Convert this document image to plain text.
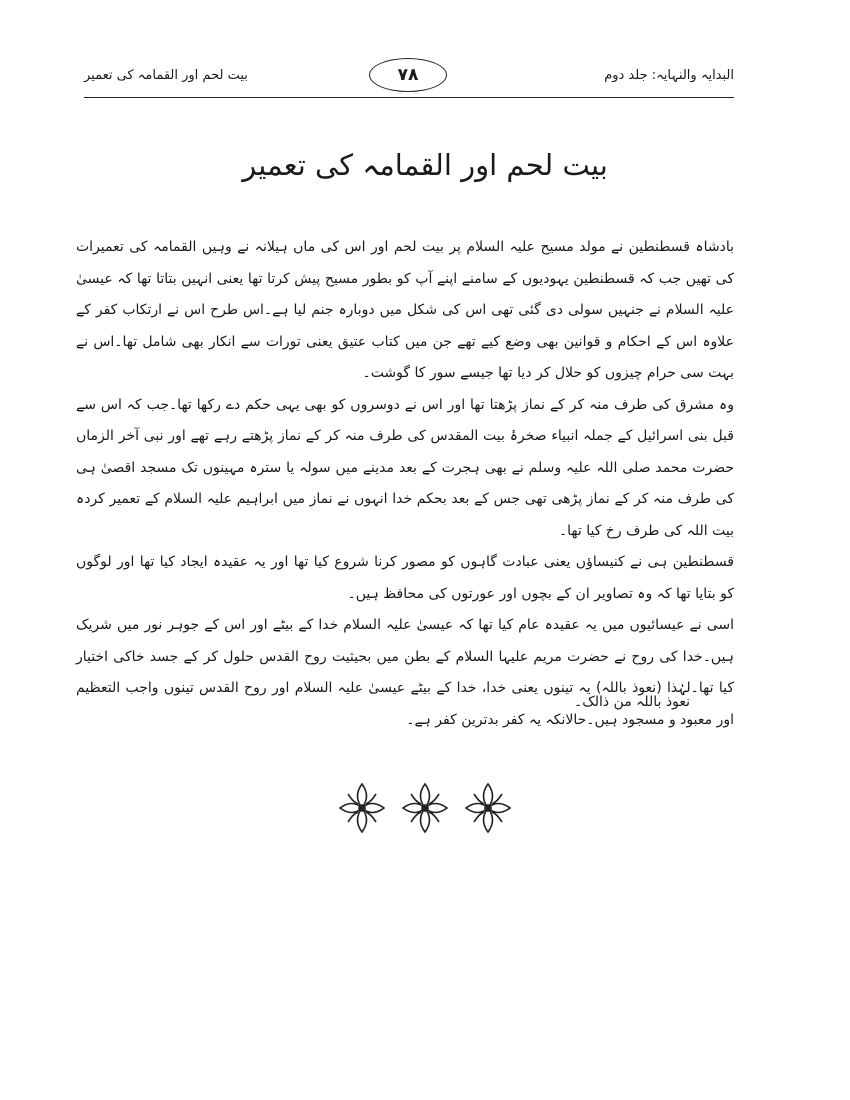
بیت لحم اور القمامہ کی تعمیر	٧٨	البدایہ والنہایہ: جلد دوم
بیت لحم اور القمامہ کی تعمیر

بادشاہ قسطنطین نے مولد مسیح علیہ السلام پر بیت لحم اور اس کی ماں ہیلانہ نے وہیں القمامہ کی تعمیرات کی تھیں جب کہ قسطنطین یہودیوں کے سامنے اپنے آپ کو بطور مسیح پیش کرتا تھا یعنی انہیں بتاتا تھا کہ عیسیٰ علیہ السلام نے جنہیں سولی دی گئی تھی اس کی شکل میں دوبارہ جنم لیا ہے۔اس طرح اس نے ارتکاب کفر کے علاوہ اس کے احکام و قوانین بھی وضع کیے تھے جن میں کتاب عتیق یعنی تورات سے انکار بھی شامل تھا۔اس نے بہت سی حرام چیزوں کو حلال کر دیا تھا جیسے سور کا گوشت۔

وہ مشرق کی طرف منہ کر کے نماز پڑھتا تھا اور اس نے دوسروں کو بھی یہی حکم دے رکھا تھا۔جب کہ اس سے قبل بنی اسرائیل کے جملہ انبیاء صخرۂ بیت المقدس کی طرف منہ کر کے نماز پڑھتے رہے تھے اور نبی آخر الزماں حضرت محمد صلی اللہ علیہ وسلم نے بھی ہجرت کے بعد مدینے میں سولہ یا سترہ مہینوں تک مسجد اقصیٰ ہی کی طرف منہ کر کے نماز پڑھی تھی جس کے بعد بحکم خدا انہوں نے نماز میں ابراہیم علیہ السلام کے تعمیر کردہ بیت اللہ کی طرف رخ کیا تھا۔

قسطنطین ہی نے کنیساؤں یعنی عبادت گاہوں کو مصور کرنا شروع کیا تھا اور یہ عقیدہ ایجاد کیا تھا اور لوگوں کو بتایا تھا کہ وہ تصاویر ان کے بچوں اور عورتوں کی محافظ ہیں۔

اسی نے عیسائیوں میں یہ عقیدہ عام کیا تھا کہ عیسیٰ علیہ السلام خدا کے بیٹے اور اس کے جوہر نور میں شریک ہیں۔خدا کی روح نے حضرت مریم علیہا السلام کے بطن میں بحیثیت روح القدس حلول کر کے جسد خاکی اختیار کیا تھا۔لہٰذا (نعوذ باللہ) یہ تینوں یعنی خدا، خدا کے بیٹے عیسیٰ علیہ السلام اور روح القدس تینوں واجب التعظیم اور معبود و مسجود ہیں۔حالانکہ یہ کفر بدترین کفر ہے۔

نعوذ باللہ من ذالک۔
